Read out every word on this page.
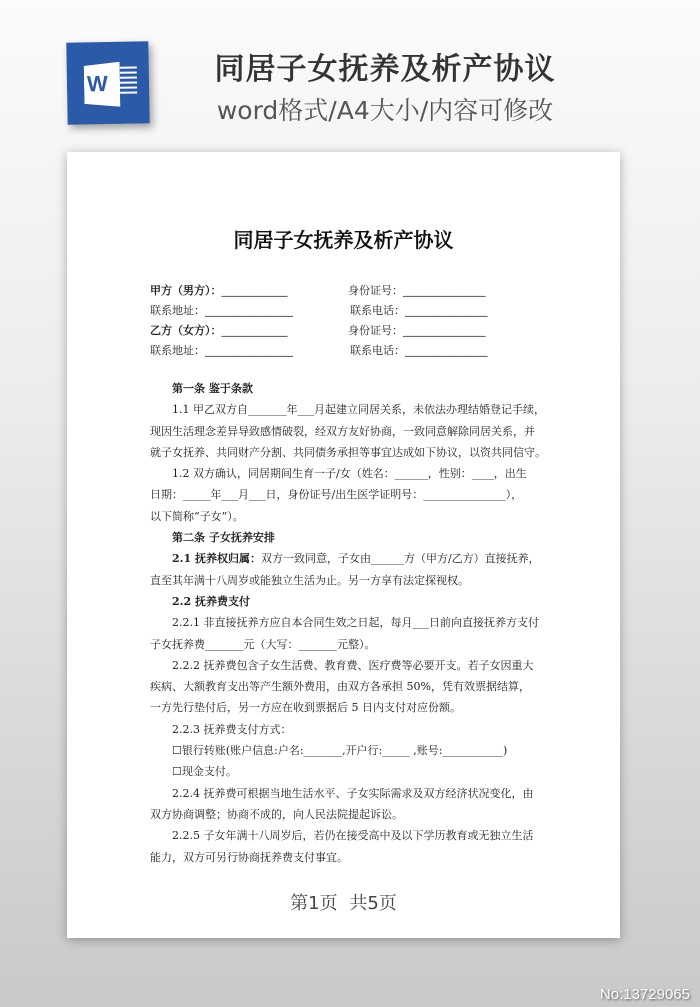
W	同居子女抚养及析产协议
word格式/A4大小/内容可修改
同居子女抚养及析产协议
甲方（男方）：____________	身份证号：_______________
联系地址：________________	联系电话：_______________
乙方（女方）：____________	身份证号：_______________
联系地址：________________	联系电话：_______________
第一条 鉴于条款
1.1 甲乙双方自_______年___月起建立同居关系，未依法办理结婚登记手续，
现因生活理念差异导致感情破裂，经双方友好协商，一致同意解除同居关系，并
就子女抚养、共同财产分割、共同债务承担等事宜达成如下协议，以资共同信守。
1.2 双方确认，同居期间生育一子/女（姓名：______，性别：____，出生
日期：_____年___月___日，身份证号/出生医学证明号：_______________），
以下简称“子女”）。
第二条 子女抚养安排
2.1 抚养权归属：双方一致同意，子女由______方（甲方/乙方）直接抚养，
直至其年满十八周岁或能独立生活为止。另一方享有法定探视权。
2.2 抚养费支付
2.2.1 非直接抚养方应自本合同生效之日起，每月___日前向直接抚养方支付
子女抚养费_______元（大写：_______元整）。
2.2.2 抚养费包含子女生活费、教育费、医疗费等必要开支。若子女因重大
疾病、大额教育支出等产生额外费用，由双方各承担 50%，凭有效票据结算，
一方先行垫付后，另一方应在收到票据后 5 日内支付对应份额。
2.2.3 抚养费支付方式：
☐银行转账(账户信息:户名:_______,开户行:_____ ,账号:___________)
☐现金支付。
2.2.4 抚养费可根据当地生活水平、子女实际需求及双方经济状况变化，由
双方协商调整；协商不成的，向人民法院提起诉讼。
2.2.5 子女年满十八周岁后，若仍在接受高中及以下学历教育或无独立生活
能力，双方可另行协商抚养费支付事宜。
第1页 共5页
No:13729065
